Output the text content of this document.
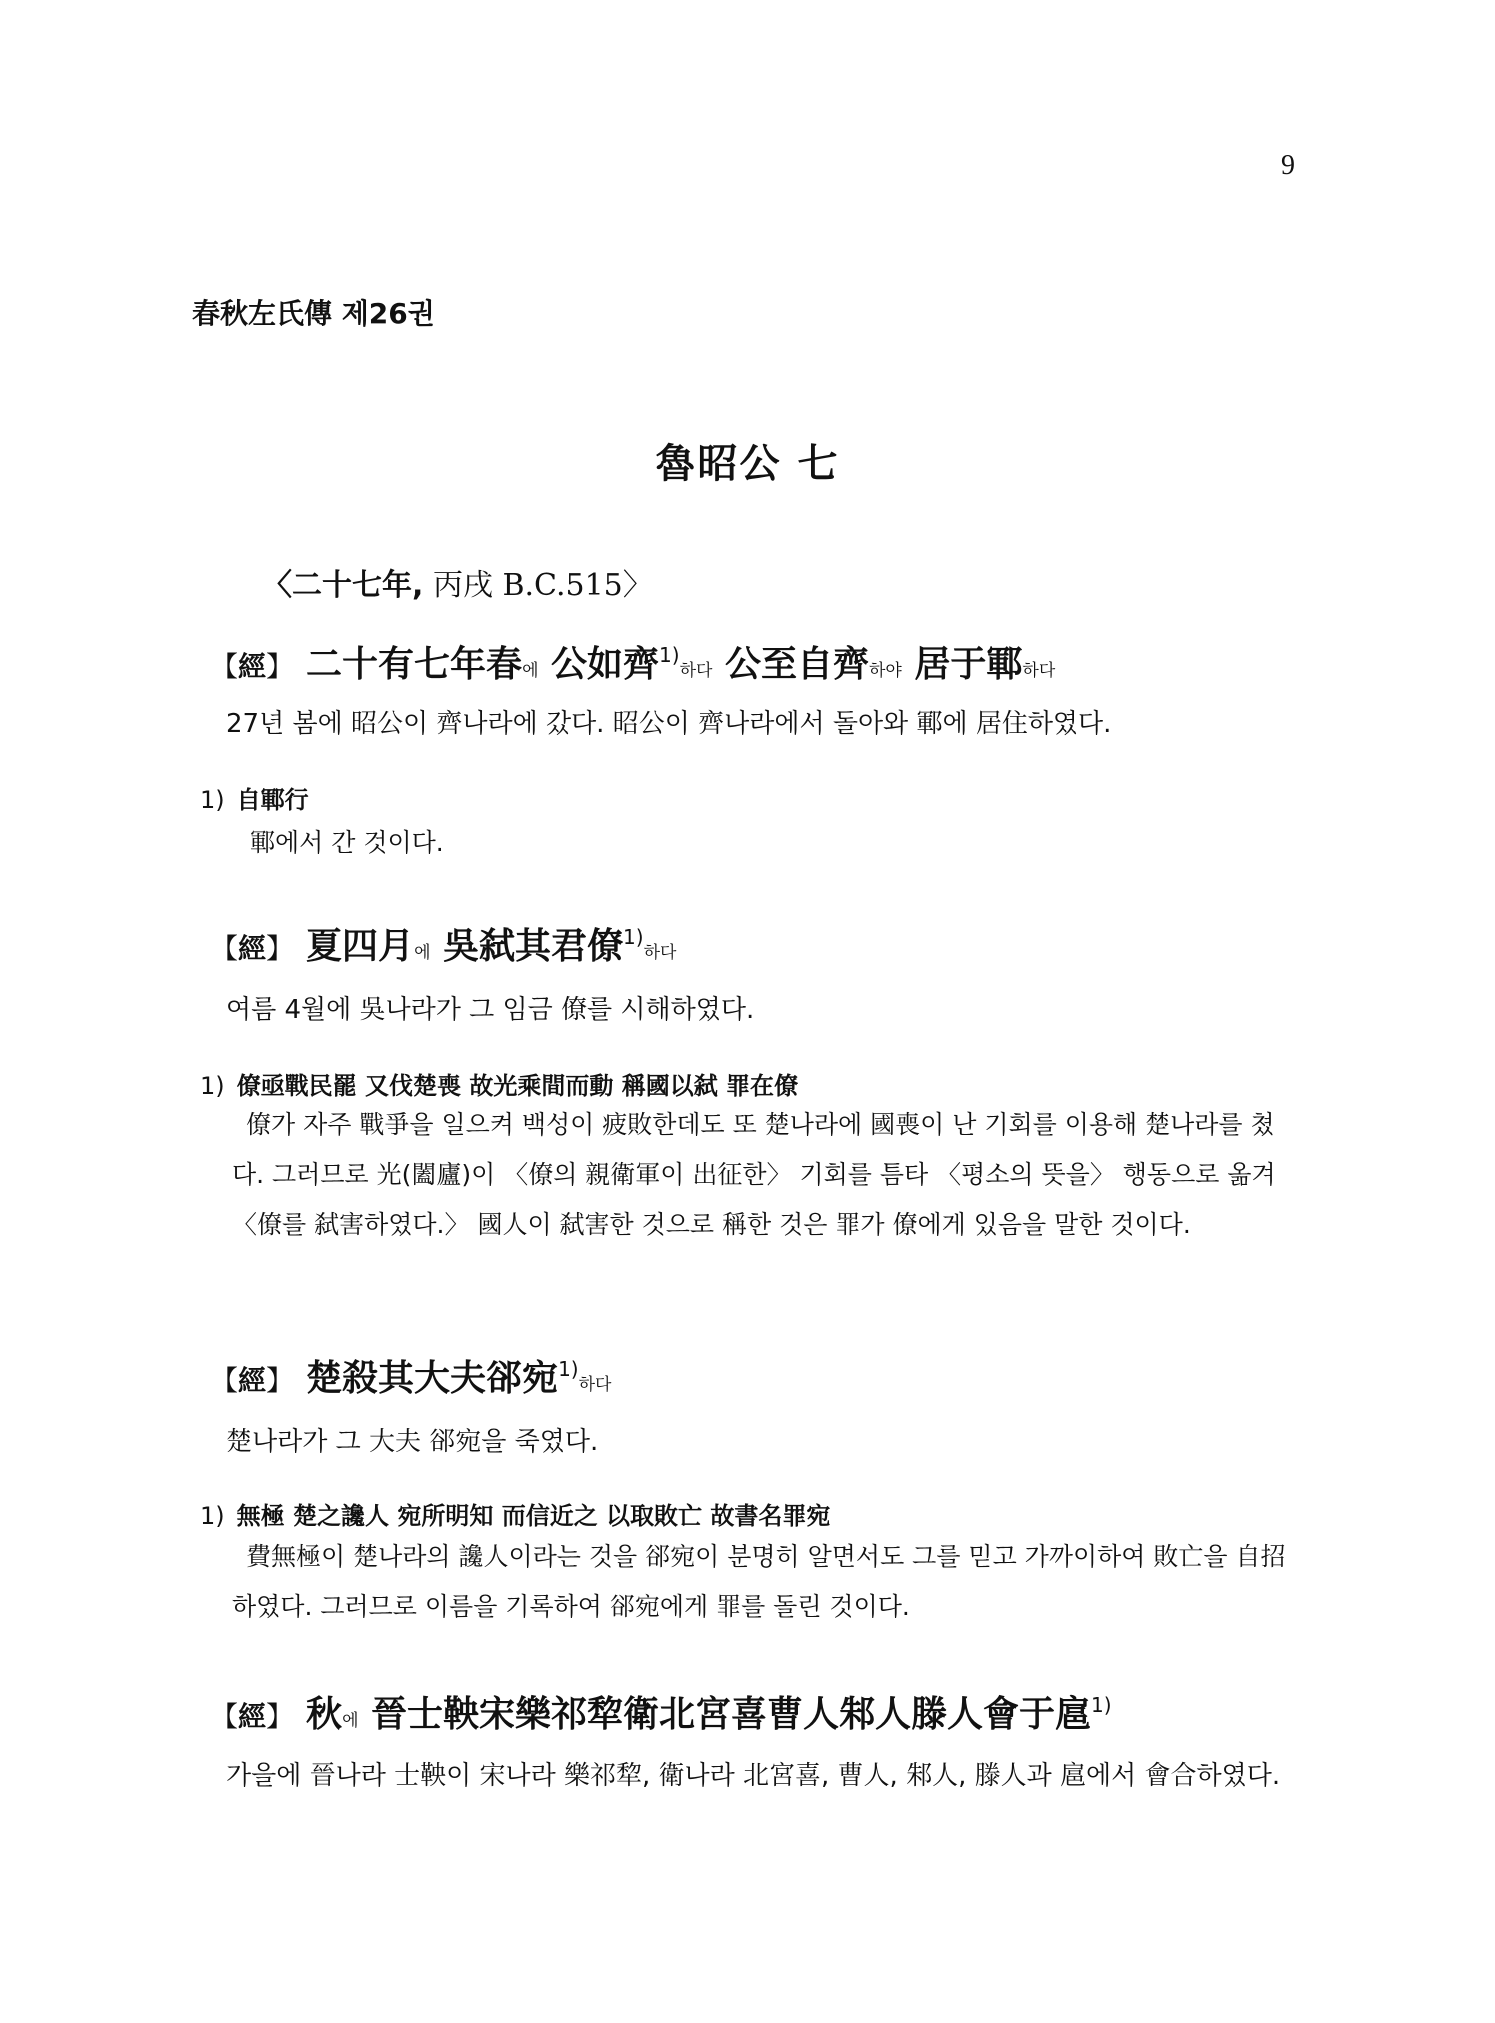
9
春秋左氏傳 제26권
魯昭公 七
〈二十七年, 丙戌 B.C.515〉
【經】 二十有七年春에 公如齊$^{1)}$하다 公至自齊하야 居于鄆하다
27년 봄에 昭公이 齊나라에 갔다. 昭公이 齊나라에서 돌아와 鄆에 居住하였다.
1) 自鄆行
鄆에서 간 것이다.
【經】 夏四月에 吳弑其君僚$^{1)}$하다
여름 4월에 吳나라가 그 임금 僚를 시해하였다.
1) 僚亟戰民罷 又伐楚喪 故光乘間而動 稱國以弑 罪在僚
僚가 자주 戰爭을 일으켜 백성이 疲敗한데도 또 楚나라에 國喪이 난 기회를 이용해 楚나라를 쳤다. 그러므로 光(闔廬)이 〈僚의 親衛軍이 出征한〉 기회를 틈타 〈평소의 뜻을〉 행동으로 옮겨 〈僚를 弑害하였다.〉 國人이 弑害한 것으로 稱한 것은 罪가 僚에게 있음을 말한 것이다.
【經】 楚殺其大夫郤宛$^{1)}$하다
楚나라가 그 大夫 郤宛을 죽였다.
1) 無極 楚之讒人 宛所明知 而信近之 以取敗亡 故書名罪宛
費無極이 楚나라의 讒人이라는 것을 郤宛이 분명히 알면서도 그를 믿고 가까이하여 敗亡을 自招하였다. 그러므로 이름을 기록하여 郤宛에게 罪를 돌린 것이다.
【經】 秋에 晉士鞅宋樂祁犂衛北宮喜曹人邾人滕人會于扈$^{1)}$
가을에 晉나라 士鞅이 宋나라 樂祁犂, 衛나라 北宮喜, 曹人, 邾人, 滕人과 扈에서 會合하였다.
